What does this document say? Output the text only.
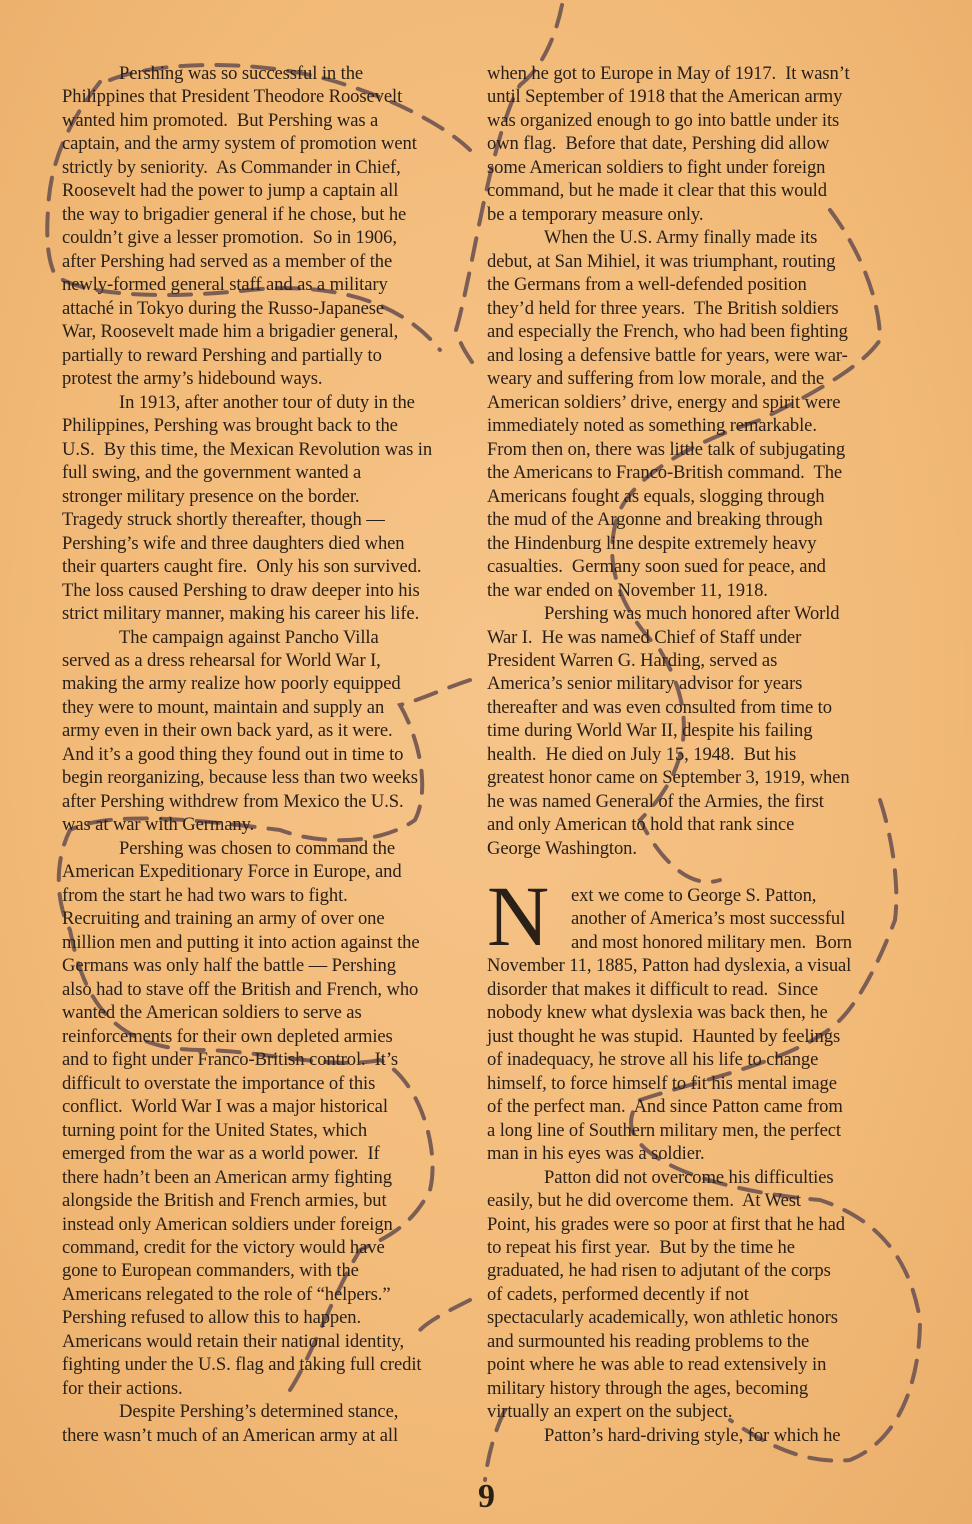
Pershing was so successful in the
Philippines that President Theodore Roosevelt
wanted him promoted.  But Pershing was a
captain, and the army system of promotion went
strictly by seniority.  As Commander in Chief,
Roosevelt had the power to jump a captain all
the way to brigadier general if he chose, but he
couldn’t give a lesser promotion.  So in 1906,
after Pershing had served as a member of the
newly-formed general staff and as a military
attaché in Tokyo during the Russo-Japanese
War, Roosevelt made him a brigadier general,
partially to reward Pershing and partially to
protest the army’s hidebound ways.
In 1913, after another tour of duty in the
Philippines, Pershing was brought back to the
U.S.  By this time, the Mexican Revolution was in
full swing, and the government wanted a
stronger military presence on the border.
Tragedy struck shortly thereafter, though —
Pershing’s wife and three daughters died when
their quarters caught fire.  Only his son survived.
The loss caused Pershing to draw deeper into his
strict military manner, making his career his life.
The campaign against Pancho Villa
served as a dress rehearsal for World War I,
making the army realize how poorly equipped
they were to mount, maintain and supply an
army even in their own back yard, as it were.
And it’s a good thing they found out in time to
begin reorganizing, because less than two weeks
after Pershing withdrew from Mexico the U.S.
was at war with Germany.
Pershing was chosen to command the
American Expeditionary Force in Europe, and
from the start he had two wars to fight.
Recruiting and training an army of over one
million men and putting it into action against the
Germans was only half the battle — Pershing
also had to stave off the British and French, who
wanted the American soldiers to serve as
reinforcements for their own depleted armies
and to fight under Franco-British control.  It’s
difficult to overstate the importance of this
conflict.  World War I was a major historical
turning point for the United States, which
emerged from the war as a world power.  If
there hadn’t been an American army fighting
alongside the British and French armies, but
instead only American soldiers under foreign
command, credit for the victory would have
gone to European commanders, with the
Americans relegated to the role of “helpers.”
Pershing refused to allow this to happen.
Americans would retain their national identity,
fighting under the U.S. flag and taking full credit
for their actions.
Despite Pershing’s determined stance,
there wasn’t much of an American army at all
when he got to Europe in May of 1917.  It wasn’t
until September of 1918 that the American army
was organized enough to go into battle under its
own flag.  Before that date, Pershing did allow
some American soldiers to fight under foreign
command, but he made it clear that this would
be a temporary measure only.
When the U.S. Army finally made its
debut, at San Mihiel, it was triumphant, routing
the Germans from a well-defended position
they’d held for three years.  The British soldiers
and especially the French, who had been fighting
and losing a defensive battle for years, were war-
weary and suffering from low morale, and the
American soldiers’ drive, energy and spirit were
immediately noted as something remarkable.
From then on, there was little talk of subjugating
the Americans to Franco-British command.  The
Americans fought as equals, slogging through
the mud of the Argonne and breaking through
the Hindenburg line despite extremely heavy
casualties.  Germany soon sued for peace, and
the war ended on November 11, 1918.
Pershing was much honored after World
War I.  He was named Chief of Staff under
President Warren G. Harding, served as
America’s senior military advisor for years
thereafter and was even consulted from time to
time during World War II, despite his failing
health.  He died on July 15, 1948.  But his
greatest honor came on September 3, 1919, when
he was named General of the Armies, the first
and only American to hold that rank since
George Washington.
ext we come to George S. Patton,
another of America’s most successful
and most honored military men.  Born
November 11, 1885, Patton had dyslexia, a visual
disorder that makes it difficult to read.  Since
nobody knew what dyslexia was back then, he
just thought he was stupid.  Haunted by feelings
of inadequacy, he strove all his life to change
himself, to force himself to fit his mental image
of the perfect man.  And since Patton came from
a long line of Southern military men, the perfect
man in his eyes was a soldier.
Patton did not overcome his difficulties
easily, but he did overcome them.  At West
Point, his grades were so poor at first that he had
to repeat his first year.  But by the time he
graduated, he had risen to adjutant of the corps
of cadets, performed decently if not
spectacularly academically, won athletic honors
and surmounted his reading problems to the
point where he was able to read extensively in
military history through the ages, becoming
virtually an expert on the subject.
Patton’s hard-driving style, for which he
N
9
